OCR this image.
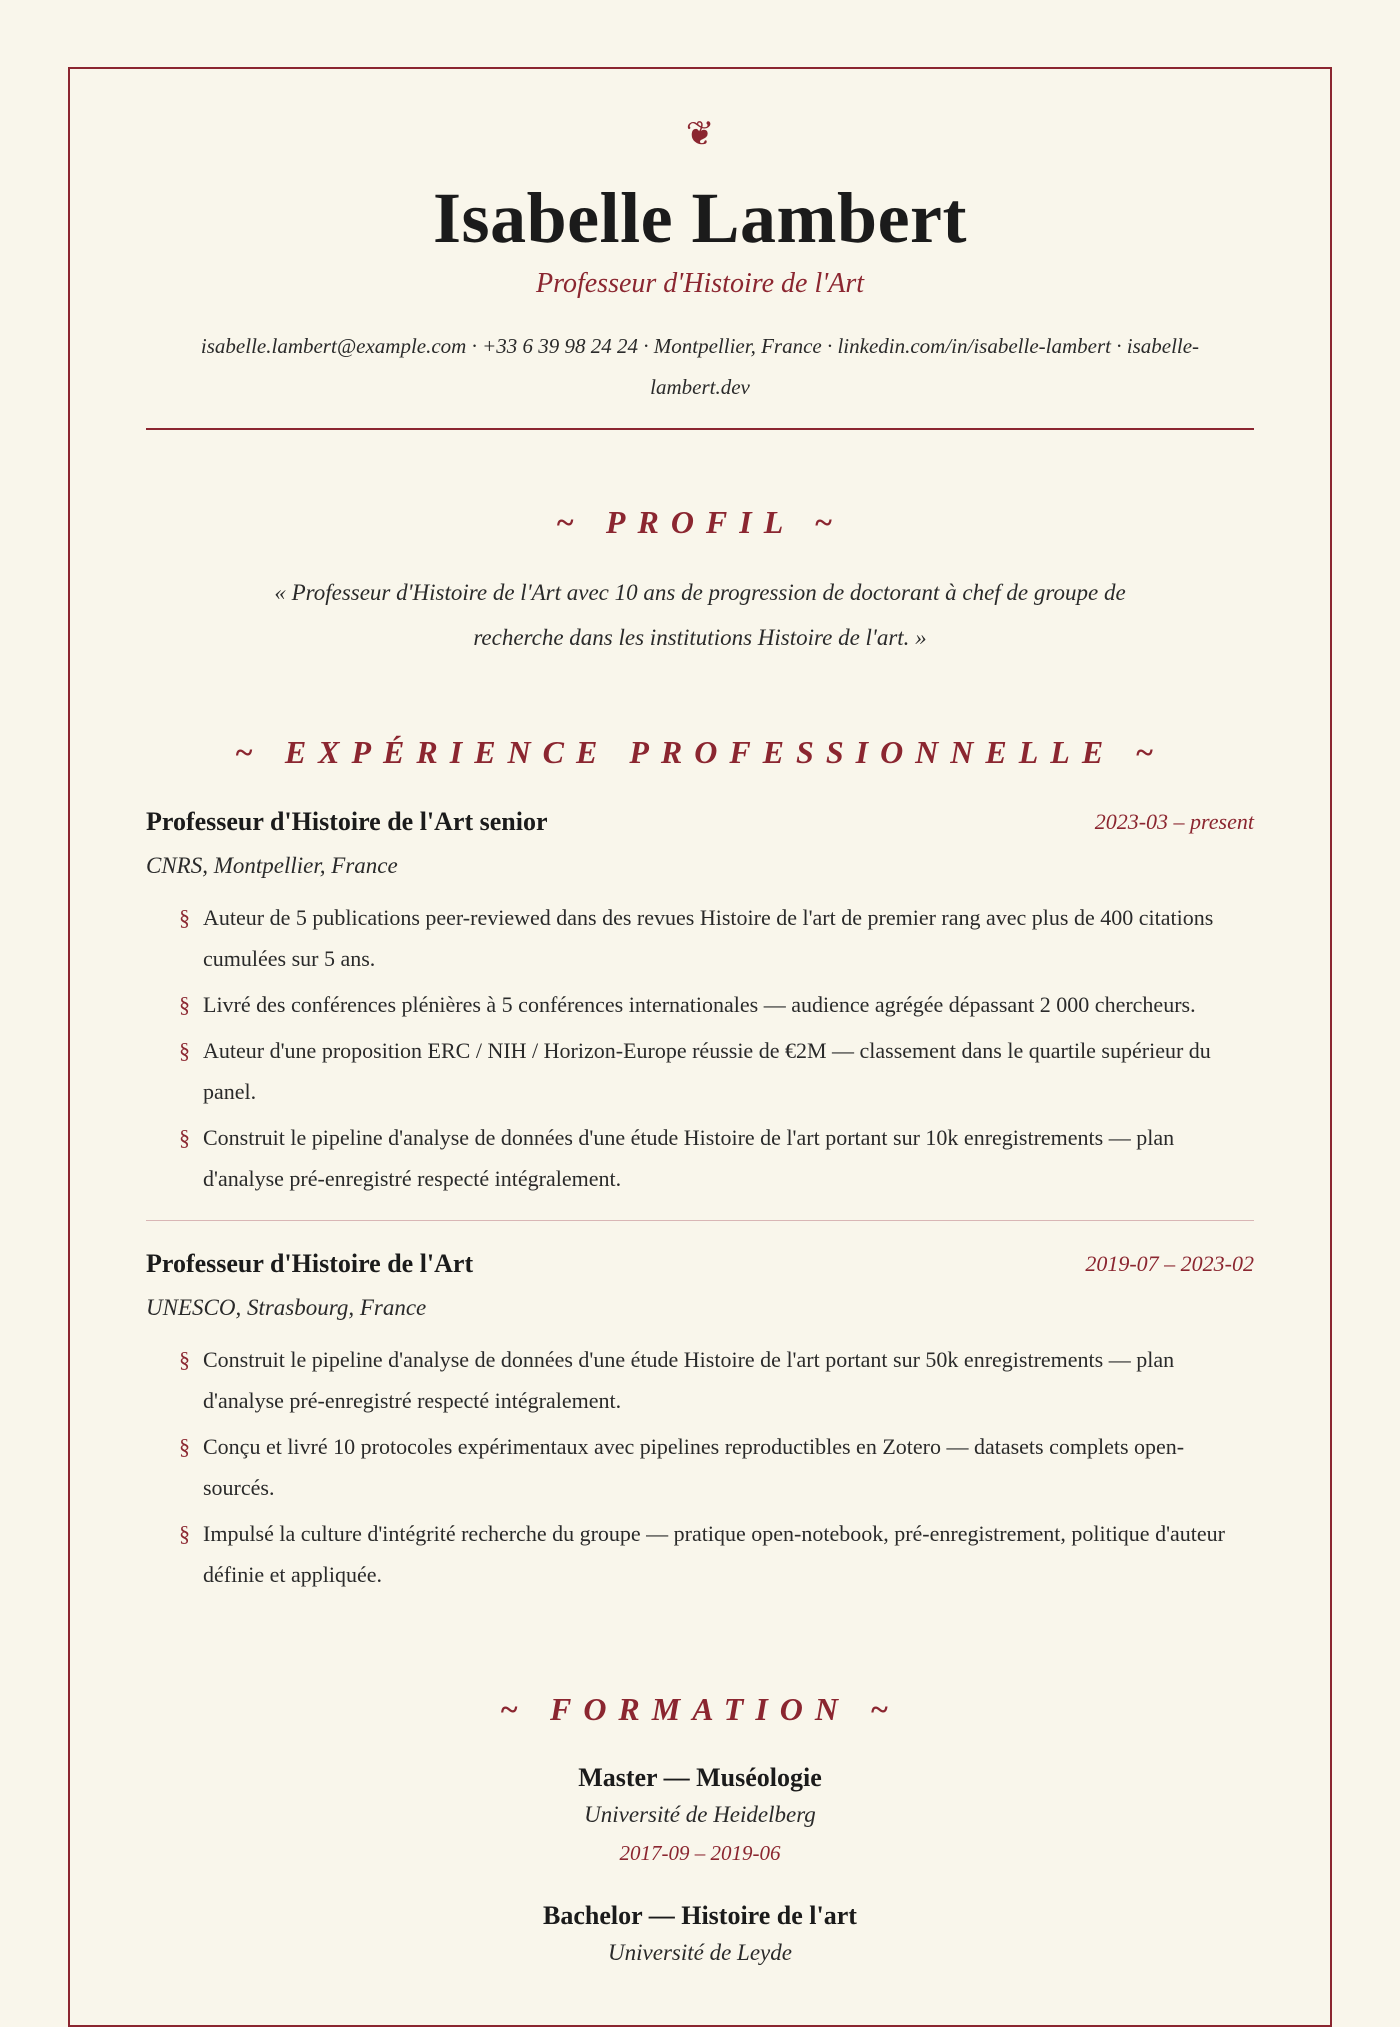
❦
Isabelle Lambert
Professeur d'Histoire de l'Art
isabelle.lambert@example.com · +33 6 39 98 24 24 · Montpellier, France · linkedin.com/in/isabelle-lambert · isabelle-lambert.dev
~ PROFIL ~
« Professeur d'Histoire de l'Art avec 10 ans de progression de doctorant à chef de groupe de recherche dans les institutions Histoire de l'art. »
~ EXPÉRIENCE PROFESSIONNELLE ~
Professeur d'Histoire de l'Art senior	2023-03 – present
CNRS, Montpellier, France
§ Auteur de 5 publications peer-reviewed dans des revues Histoire de l'art de premier rang avec plus de 400 citations cumulées sur 5 ans.
§ Livré des conférences plénières à 5 conférences internationales — audience agrégée dépassant 2 000 chercheurs.
§ Auteur d'une proposition ERC / NIH / Horizon-Europe réussie de €2M — classement dans le quartile supérieur du panel.
§ Construit le pipeline d'analyse de données d'une étude Histoire de l'art portant sur 10k enregistrements — plan d'analyse pré-enregistré respecté intégralement.
Professeur d'Histoire de l'Art	2019-07 – 2023-02
UNESCO, Strasbourg, France
§ Construit le pipeline d'analyse de données d'une étude Histoire de l'art portant sur 50k enregistrements — plan d'analyse pré-enregistré respecté intégralement.
§ Conçu et livré 10 protocoles expérimentaux avec pipelines reproductibles en Zotero — datasets complets open-sourcés.
§ Impulsé la culture d'intégrité recherche du groupe — pratique open-notebook, pré-enregistrement, politique d'auteur définie et appliquée.
~ FORMATION ~
Master — Muséologie
Université de Heidelberg
2017-09 – 2019-06
Bachelor — Histoire de l'art
Université de Leyde
